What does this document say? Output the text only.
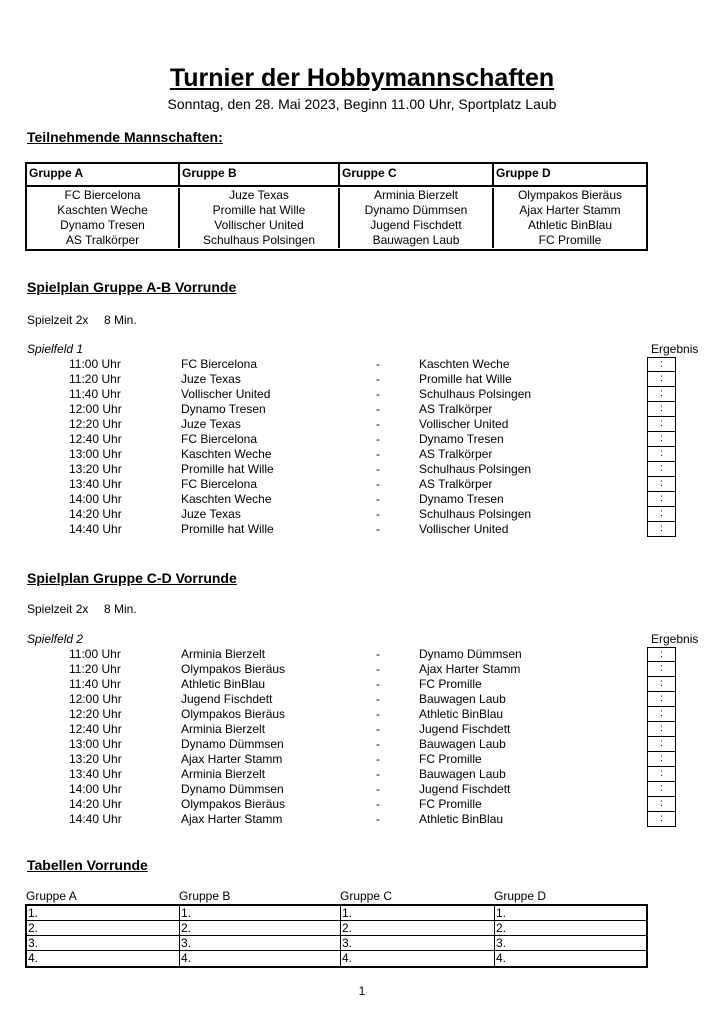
Turnier der Hobbymannschaften
Sonntag, den 28. Mai 2023, Beginn 11.00 Uhr, Sportplatz Laub
Teilnehmende Mannschaften:
Gruppe A	Gruppe B	Gruppe C	Gruppe D
FC Biercelona	Juze Texas	Arminia Bierzelt	Olympakos Bieräus
Kaschten Weche	Promille hat Wille	Dynamo Dümmsen	Ajax Harter Stamm
Dynamo Tresen	Vollischer United	Jugend Fischdett	Athletic BinBlau
AS Tralkörper	Schulhaus Polsingen	Bauwagen Laub	FC Promille
Spielplan Gruppe A-B Vorrunde
Spielzeit 2x 8 Min.
Spielfeld 1	Ergebnis
11:00 Uhr	FC Biercelona	-	Kaschten Weche	:
11:20 Uhr	Juze Texas	-	Promille hat Wille	:
11:40 Uhr	Vollischer United	-	Schulhaus Polsingen	:
12:00 Uhr	Dynamo Tresen	-	AS Tralkörper	:
12:20 Uhr	Juze Texas	-	Vollischer United	:
12:40 Uhr	FC Biercelona	-	Dynamo Tresen	:
13:00 Uhr	Kaschten Weche	-	AS Tralkörper	:
13:20 Uhr	Promille hat Wille	-	Schulhaus Polsingen	:
13:40 Uhr	FC Biercelona	-	AS Tralkörper	:
14:00 Uhr	Kaschten Weche	-	Dynamo Tresen	:
14:20 Uhr	Juze Texas	-	Schulhaus Polsingen	:
14:40 Uhr	Promille hat Wille	-	Vollischer United	:
Spielplan Gruppe C-D Vorrunde
Spielzeit 2x 8 Min.
Spielfeld 2	Ergebnis
11:00 Uhr	Arminia Bierzelt	-	Dynamo Dümmsen	:
11:20 Uhr	Olympakos Bieräus	-	Ajax Harter Stamm	:
11:40 Uhr	Athletic BinBlau	-	FC Promille	:
12:00 Uhr	Jugend Fischdett	-	Bauwagen Laub	:
12:20 Uhr	Olympakos Bieräus	-	Athletic BinBlau	:
12:40 Uhr	Arminia Bierzelt	-	Jugend Fischdett	:
13:00 Uhr	Dynamo Dümmsen	-	Bauwagen Laub	:
13:20 Uhr	Ajax Harter Stamm	-	FC Promille	:
13:40 Uhr	Arminia Bierzelt	-	Bauwagen Laub	:
14:00 Uhr	Dynamo Dümmsen	-	Jugend Fischdett	:
14:20 Uhr	Olympakos Bieräus	-	FC Promille	:
14:40 Uhr	Ajax Harter Stamm	-	Athletic BinBlau	:
Tabellen Vorrunde
Gruppe A	Gruppe B	Gruppe C	Gruppe D
1.	1.	1.	1.
2.	2.	2.	2.
3.	3.	3.	3.
4.	4.	4.	4.
1
